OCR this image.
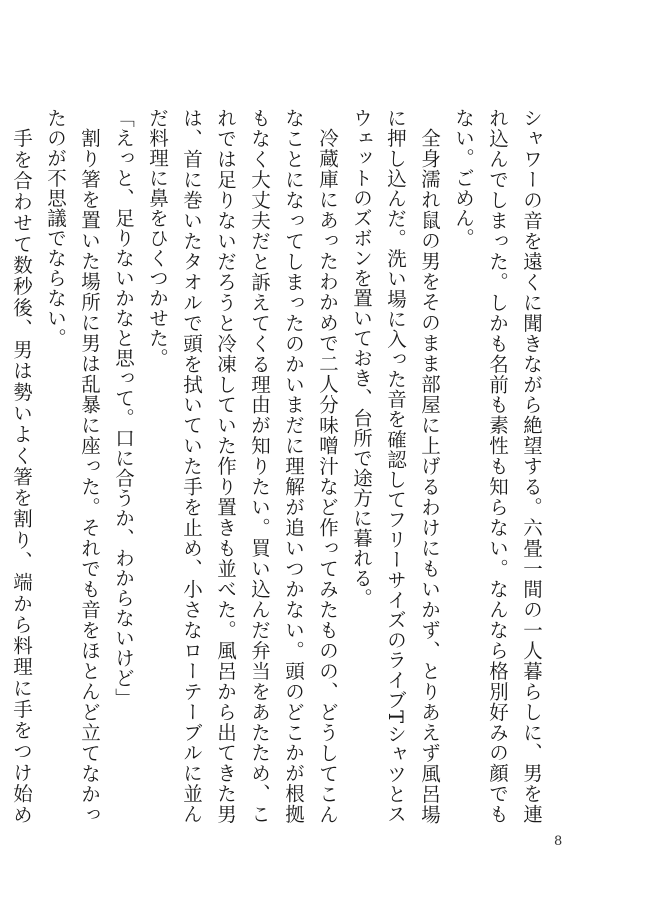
シャワーの音を遠くに聞きながら絶望する。六畳一間の一人暮らしに、男を連れ込んでしまった。しかも名前も素性も知らない。なんなら格別好みの顔でもない。ごめん。

全身濡れ鼠の男をそのまま部屋に上げるわけにもいかず、とりあえず風呂場に押し込んだ。洗い場に入った音を確認してフリーサイズのライブTシャツとスウェットのズボンを置いておき、台所で途方に暮れる。

冷蔵庫にあったわかめで二人分味噌汁など作ってみたものの、どうしてこんなことになってしまったのかいまだに理解が追いつかない。頭のどこかが根拠もなく大丈夫だと訴えてくる理由が知りたい。買い込んだ弁当をあたため、これでは足りないだろうと冷凍していた作り置きも並べた。風呂から出てきた男は、首に巻いたタオルで頭を拭いていた手を止め、小さなローテーブルに並んだ料理に鼻をひくつかせた。

「えっと、足りないかなと思って。口に合うか、わからないけど」

割り箸を置いた場所に男は乱暴に座った。それでも音をほとんど立てなかったのが不思議でならない。

手を合わせて数秒後、男は勢いよく箸を割り、端から料理に手をつけ始め

8
